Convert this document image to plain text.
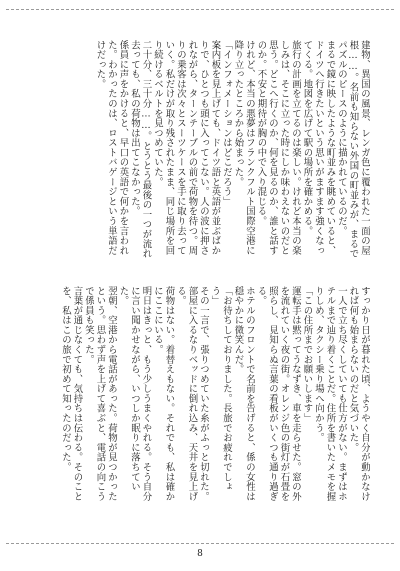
建物、異国の風景、レンガ色に覆われた一面の屋根……。名前も知らない外国の町並みが、まるでパズルのピースのように描かれているのだ。
まるで鏡に映したような町並みを眺めていると、ドイツへ行きたいという思いがますます強くなってくる。地図を広げて駅の場所を確かめる。
旅行の計画を立てるのは楽しい。けれど本当の楽しみは、そこに立った時にしか味わえないのだと思う。どこへ行くのか、何を見るのか、誰と話すのか。不安と期待が胸の中で入り混じる。
けれど、本当の悪夢はフランクフルト国際空港に降り立ったところから始まった。
「インフォメーションはどこだろう」
案内板を見上げても、ドイツ語と英語が並ぶばかりで、ひとつも頭に入ってこない。人の波に押されながら、ターンテーブルの前で荷物を待つ。周りの乗客は次々とスーツケースを手に取り去っていく。私だけが取り残されたまま、同じ場所を回り続けるベルトを見つめていた。
二十分、三十分……。とうとう最後の一つが流れ去っても、私の荷物は出てこなかった。
係員に声をかけると、早口の英語で何かを言われた。わかったのは、ロストバゲージという単語だけだった。
すっかり日が暮れた頃、ようやく自分が動かなければ何も始まらないのだと気づいた。
一人で立ち尽くしていても仕方がない。まずはホテルまで辿り着くことだ。住所を書いたメモを握りしめ、タクシー乗り場へ向かう。
「この住所までお願いします」
運転手は黙ってうなずき、車を走らせた。窓の外を流れていく夜の街。オレンジ色の街灯が石畳を照らし、見知らぬ言葉の看板がいくつも通り過ぎる。
ホテルのフロントで名前を告げると、係の女性は穏やかに微笑んだ。
「お待ちしておりました。長旅でお疲れでしょう」
その一言で、張りつめていた糸がふっと切れた。部屋に入るなりベッドに倒れ込み、天井を見上げる。
荷物はない。着替えもない。それでも、私は確かにここにいる。
明日はきっと、もう少しうまくやれる。そう自分に言い聞かせながら、いつしか眠りに落ちていた。
翌朝、空港から電話があった。荷物が見つかったという。思わず声を上げて喜ぶと、電話の向こうで係員も笑った。
言葉が通じなくても、気持ちは伝わる。そのことを、私はこの旅で初めて知ったのだった。
8
